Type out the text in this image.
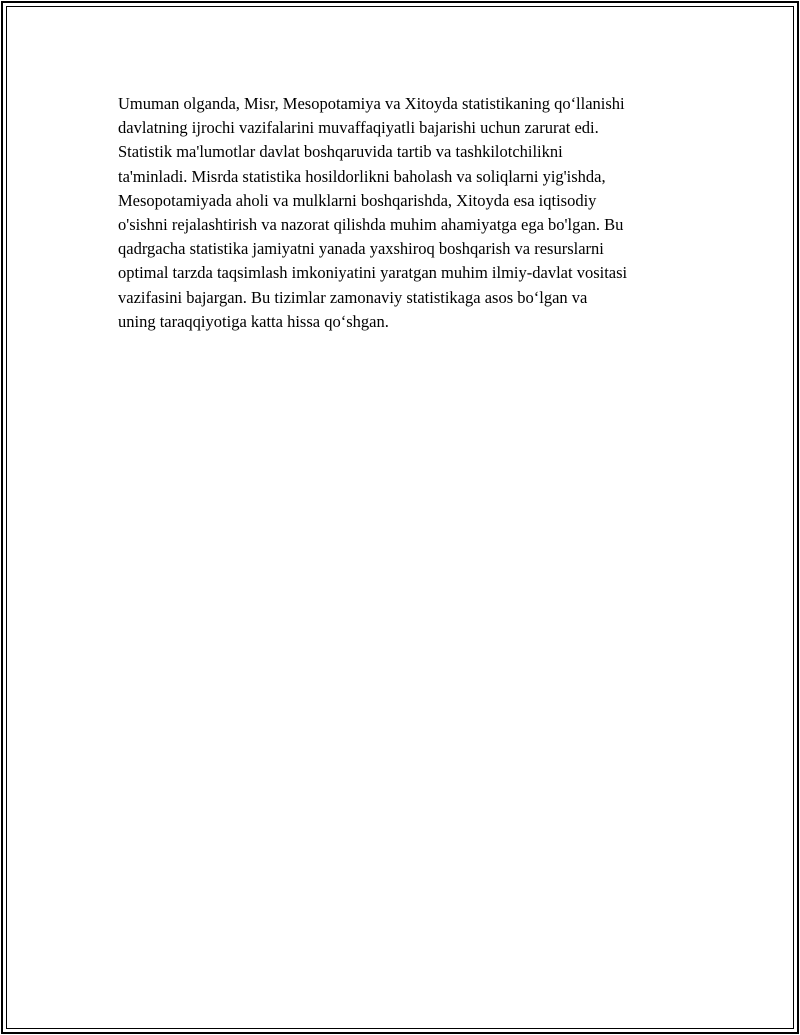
Umuman olganda, Misr, Mesopotamiya va Xitoyda statistikaning qo‘llanishi
davlatning ijrochi vazifalarini muvaffaqiyatli bajarishi uchun zarurat edi.
Statistik ma'lumotlar davlat boshqaruvida tartib va tashkilotchilikni
ta'minladi. Misrda statistika hosildorlikni baholash va soliqlarni yig'ishda,
Mesopotamiyada aholi va mulklarni boshqarishda, Xitoyda esa iqtisodiy
o'sishni rejalashtirish va nazorat qilishda muhim ahamiyatga ega bo'lgan. Bu
qadrgacha statistika jamiyatni yanada yaxshiroq boshqarish va resurslarni
optimal tarzda taqsimlash imkoniyatini yaratgan muhim ilmiy-davlat vositasi
vazifasini bajargan. Bu tizimlar zamonaviy statistikaga asos bo‘lgan va
uning taraqqiyotiga katta hissa qo‘shgan.
